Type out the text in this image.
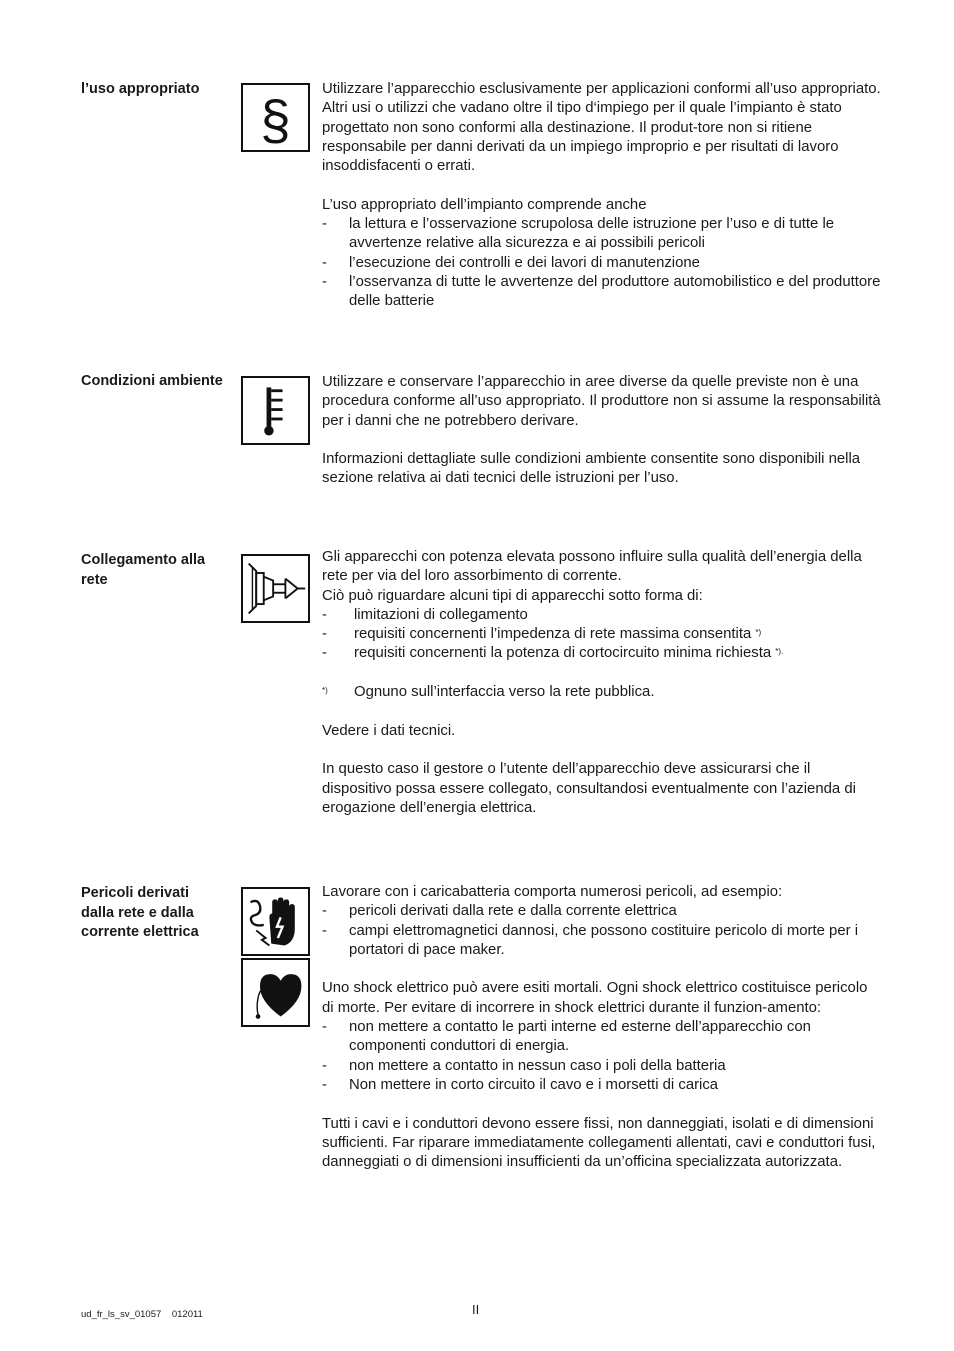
l’uso appropriato
§

Utilizzare l’apparecchio esclusivamente per applicazioni conformi all’uso appropriato. Altri usi o utilizzi che vadano oltre il tipo d‘impiego per il quale l’impianto è stato progettato non sono conformi alla destinazione. Il produt-tore non si ritiene responsabile per danni derivati da un impiego improprio e per risultati di lavoro insoddisfacenti o errati.

L’uso appropriato dell’impianto comprende anche

- la lettura e l’osservazione scrupolosa delle istruzione per l’uso e di tutte le avvertenze relative alla sicurezza e ai possibili pericoli
- l’esecuzione dei controlli e dei lavori di manutenzione
- l’osservanza di tutte le avvertenze del produttore automobilistico e del produttore delle batterie
Condizioni ambiente	Utilizzare e conservare l’apparecchio in aree diverse da quelle previste non è una procedura conforme all’uso appropriato. Il produttore non si assume la responsabilità per i danni che ne potrebbero derivare.

Informazioni dettagliate sulle condizioni ambiente consentite sono disponibili nella sezione relativa ai dati tecnici delle istruzioni per l’uso.

Collegamento alla rete

Gli apparecchi con potenza elevata possono influire sulla qualità dell’energia della rete per via del loro assorbimento di corrente.

Ciò può riguardare alcuni tipi di apparecchi sotto forma di:

- limitazioni di collegamento
- requisiti concernenti l’impedenza di rete massima consentita *)
- requisiti concernenti la potenza di cortocircuito minima richiesta *).
*) Ognuno sull’interfaccia verso la rete pubblica.

Vedere i dati tecnici.

In questo caso il gestore o l’utente dell’apparecchio deve assicurarsi che il dispositivo possa essere collegato, consultandosi eventualmente con l’azienda di erogazione dell’energia elettrica.

Pericoli derivati dalla rete e dalla corrente elettrica

Lavorare con i caricabatteria comporta numerosi pericoli, ad esempio:

- pericoli derivati dalla rete e dalla corrente elettrica
- campi elettromagnetici dannosi, che possono costituire pericolo di morte per i portatori di pace maker.

Uno shock elettrico può avere esiti mortali. Ogni shock elettrico costituisce pericolo di morte. Per evitare di incorrere in shock elettrici durante il funzion-amento:

- non mettere a contatto le parti interne ed esterne dell’apparecchio con componenti conduttori di energia.
- non mettere a contatto in nessun caso i poli della batteria
- Non mettere in corto circuito il cavo e i morsetti di carica

Tutti i cavi e i conduttori devono essere fissi, non danneggiati, isolati e di dimensioni sufficienti. Far riparare immediatamente collegamenti allentati, cavi e conduttori fusi, danneggiati o di dimensioni insufficienti da un’officina specializzata autorizzata.

ud_fr_ls_sv_01057    012011	II
